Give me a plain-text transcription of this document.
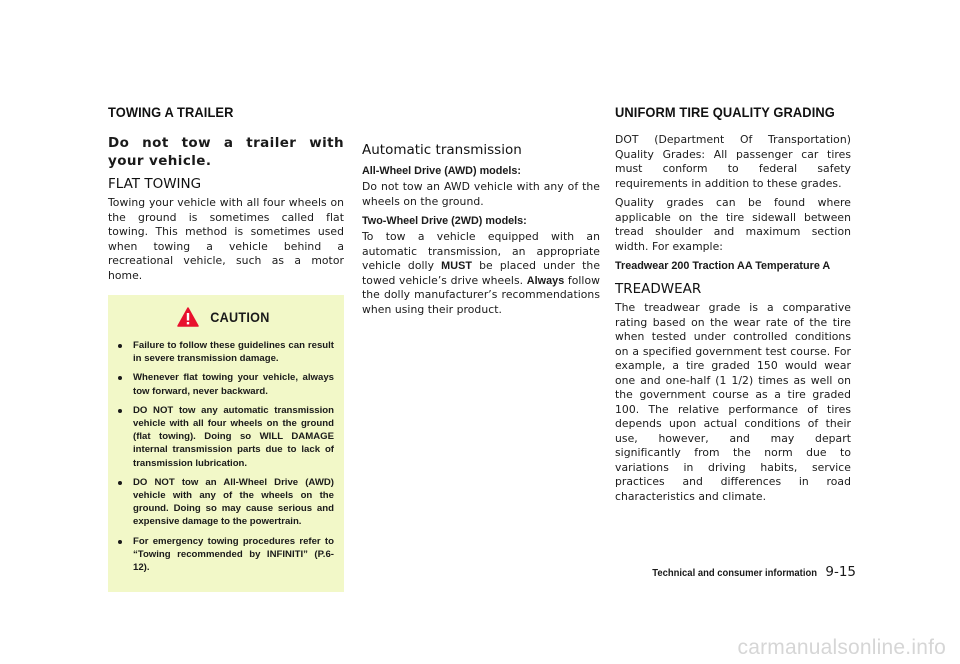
TOWING A TRAILER	UNIFORM TIRE QUALITY GRADING

Do not tow a trailer with your vehicle.

FLAT TOWING

Towing your vehicle with all four wheels on the ground is sometimes called flat towing. This method is sometimes used when towing a vehicle behind a recreational vehicle, such as a motor home.

CAUTION
Failure to follow these guidelines can result in severe transmission damage.
Whenever flat towing your vehicle, always tow forward, never backward.
DO NOT tow any automatic transmission vehicle with all four wheels on the ground (flat towing). Doing so WILL DAMAGE internal transmission parts due to lack of transmission lubrication.
DO NOT tow an All-Wheel Drive (AWD) vehicle with any of the wheels on the ground. Doing so may cause serious and expensive damage to the powertrain.
For emergency towing procedures refer to “Towing recommended by INFINITI” (P.6-12).

Automatic transmission

All-Wheel Drive (AWD) models:

Do not tow an AWD vehicle with any of the wheels on the ground.

Two-Wheel Drive (2WD) models:

To tow a vehicle equipped with an automatic transmission, an appropriate vehicle dolly MUST be placed under the towed vehicle’s drive wheels. Always follow the dolly manufacturer’s recommendations when using their product.

DOT (Department Of Transportation) Quality Grades: All passenger car tires must conform to federal safety requirements in addition to these grades.

Quality grades can be found where applicable on the tire sidewall between tread shoulder and maximum section width. For example:

Treadwear 200 Traction AA Temperature A

TREADWEAR

The treadwear grade is a comparative rating based on the wear rate of the tire when tested under controlled conditions on a specified government test course. For example, a tire graded 150 would wear one and one-half (1 1/2) times as well on the government course as a tire graded 100. The relative performance of tires depends upon actual conditions of their use, however, and may depart significantly from the norm due to variations in driving habits, service practices and differences in road characteristics and climate.

Technical and consumer information 9-15
carmanualsonline.info
